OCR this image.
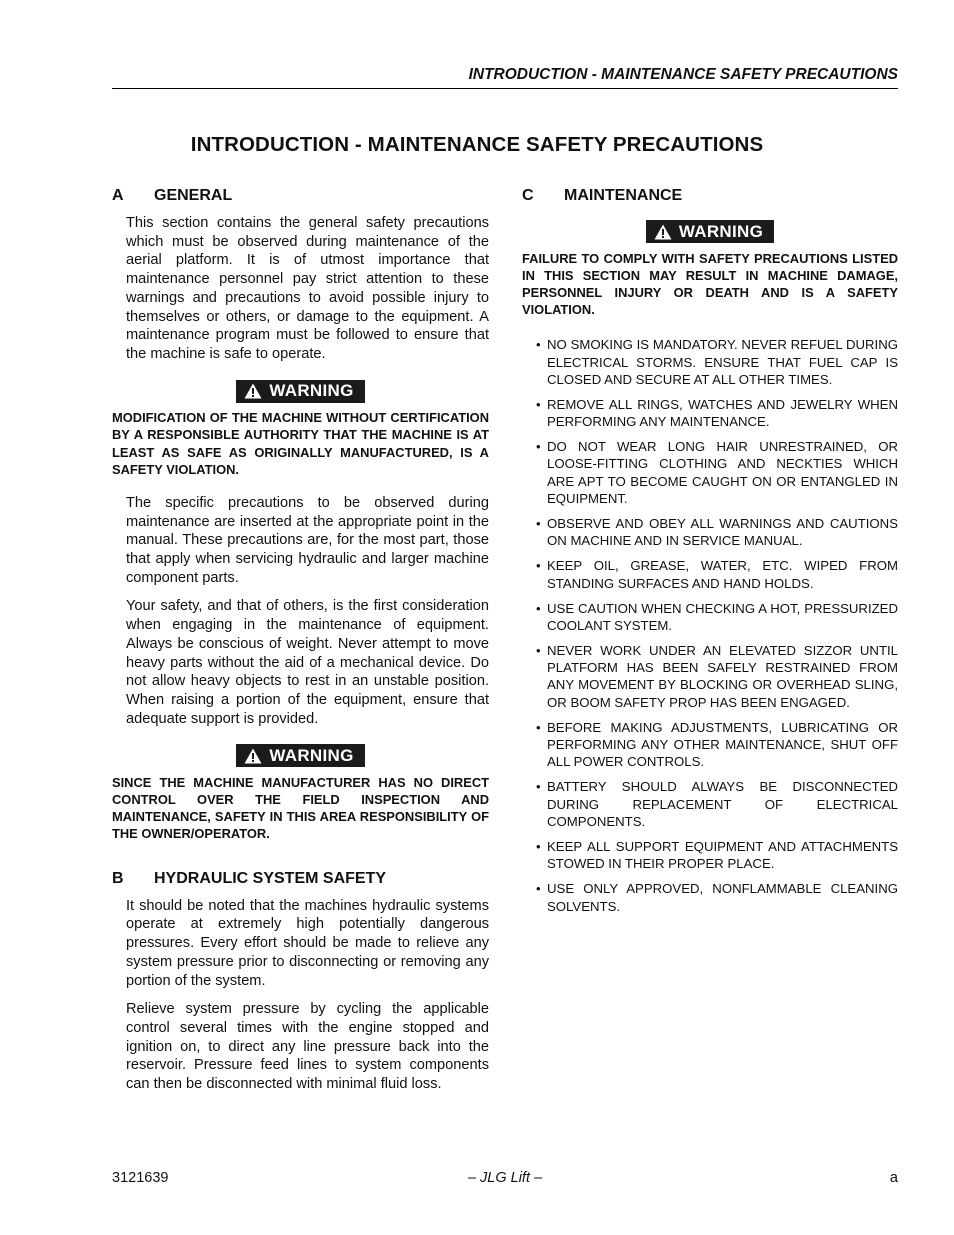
INTRODUCTION - MAINTENANCE SAFETY PRECAUTIONS
INTRODUCTION - MAINTENANCE SAFETY PRECAUTIONS
A GENERAL

This section contains the general safety precautions which must be observed during maintenance of the aerial platform. It is of utmost importance that maintenance personnel pay strict attention to these warnings and precautions to avoid possible injury to themselves or others, or damage to the equipment. A maintenance program must be followed to ensure that the machine is safe to operate.

WARNING

MODIFICATION OF THE MACHINE WITHOUT CERTIFICATION BY A RESPONSIBLE AUTHORITY THAT THE MACHINE IS AT LEAST AS SAFE AS ORIGINALLY MANUFACTURED, IS A SAFETY VIOLATION.

The specific precautions to be observed during maintenance are inserted at the appropriate point in the manual. These precautions are, for the most part, those that apply when servicing hydraulic and larger machine component parts.

Your safety, and that of others, is the first consideration when engaging in the maintenance of equipment. Always be conscious of weight. Never attempt to move heavy parts without the aid of a mechanical device. Do not allow heavy objects to rest in an unstable position. When raising a portion of the equipment, ensure that adequate support is provided.

WARNING

SINCE THE MACHINE MANUFACTURER HAS NO DIRECT CONTROL OVER THE FIELD INSPECTION AND MAINTENANCE, SAFETY IN THIS AREA RESPONSIBILITY OF THE OWNER/OPERATOR.

B HYDRAULIC SYSTEM SAFETY

It should be noted that the machines hydraulic systems operate at extremely high potentially dangerous pressures. Every effort should be made to relieve any system pressure prior to disconnecting or removing any portion of the system.

Relieve system pressure by cycling the applicable control several times with the engine stopped and ignition on, to direct any line pressure back into the reservoir. Pressure feed lines to system components can then be disconnected with minimal fluid loss.

C MAINTENANCE
WARNING

FAILURE TO COMPLY WITH SAFETY PRECAUTIONS LISTED IN THIS SECTION MAY RESULT IN MACHINE DAMAGE, PERSONNEL INJURY OR DEATH AND IS A SAFETY VIOLATION.

• NO SMOKING IS MANDATORY. NEVER REFUEL DURING ELECTRICAL STORMS. ENSURE THAT FUEL CAP IS CLOSED AND SECURE AT ALL OTHER TIMES.
• REMOVE ALL RINGS, WATCHES AND JEWELRY WHEN PERFORMING ANY MAINTENANCE.
• DO NOT WEAR LONG HAIR UNRESTRAINED, OR LOOSE-FITTING CLOTHING AND NECKTIES WHICH ARE APT TO BECOME CAUGHT ON OR ENTANGLED IN EQUIPMENT.
• OBSERVE AND OBEY ALL WARNINGS AND CAUTIONS ON MACHINE AND IN SERVICE MANUAL.
• KEEP OIL, GREASE, WATER, ETC. WIPED FROM STANDING SURFACES AND HAND HOLDS.
• USE CAUTION WHEN CHECKING A HOT, PRESSURIZED COOLANT SYSTEM.
• NEVER WORK UNDER AN ELEVATED SIZZOR UNTIL PLATFORM HAS BEEN SAFELY RESTRAINED FROM ANY MOVEMENT BY BLOCKING OR OVERHEAD SLING, OR BOOM SAFETY PROP HAS BEEN ENGAGED.
• BEFORE MAKING ADJUSTMENTS, LUBRICATING OR PERFORMING ANY OTHER MAINTENANCE, SHUT OFF ALL POWER CONTROLS.
• BATTERY SHOULD ALWAYS BE DISCONNECTED DURING REPLACEMENT OF ELECTRICAL COMPONENTS.
• KEEP ALL SUPPORT EQUIPMENT AND ATTACHMENTS STOWED IN THEIR PROPER PLACE.
• USE ONLY APPROVED, NONFLAMMABLE CLEANING SOLVENTS.
3121639	– JLG Lift –	a
